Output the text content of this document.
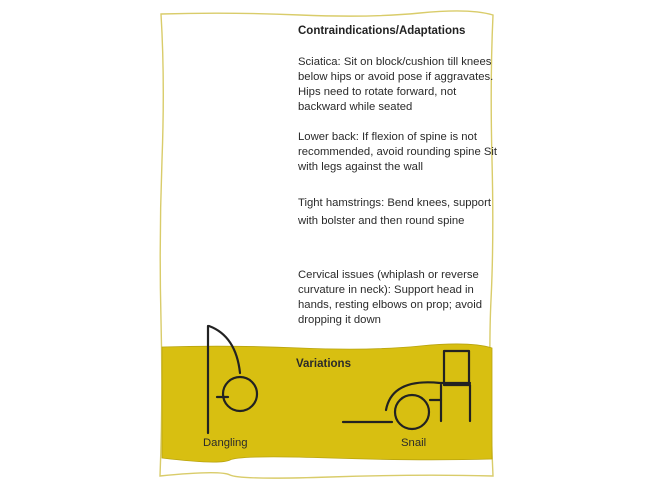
Contraindications/Adaptations
Sciatica: Sit on block/cushion till knees below hips or avoid pose if aggravates. Hips need to rotate forward, not backward while seated
Lower back: If flexion of spine is not recommended, avoid rounding spine Sit with legs against the wall
Tight hamstrings: Bend knees, support with bolster and then round spine
Cervical issues (whiplash or reverse curvature in neck): Support head in hands, resting elbows on prop; avoid dropping it down
Variations
Dangling	Snail
